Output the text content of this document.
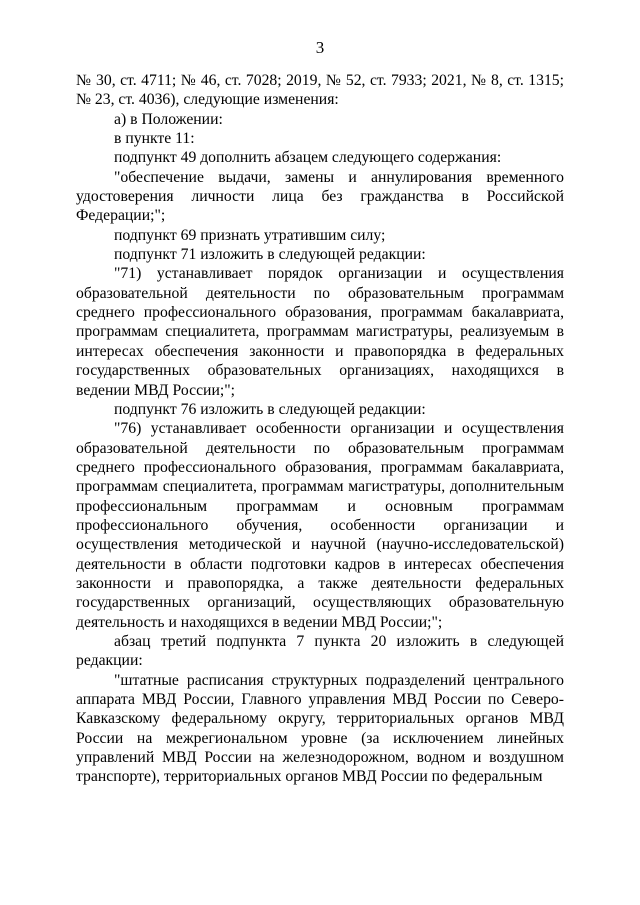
3

№ 30, ст. 4711; № 46, ст. 7028; 2019, № 52, ст. 7933; 2021, № 8, ст. 1315; № 23, ст. 4036), следующие изменения:

а) в Положении:

в пункте 11:

подпункт 49 дополнить абзацем следующего содержания:

"обеспечение выдачи, замены и аннулирования временного удостоверения личности лица без гражданства в Российской Федерации;";

подпункт 69 признать утратившим силу;

подпункт 71 изложить в следующей редакции:

"71) устанавливает порядок организации и осуществления образовательной деятельности по образовательным программам среднего профессионального образования, программам бакалавриата, программам специалитета, программам магистратуры, реализуемым в интересах обеспечения законности и правопорядка в федеральных государственных образовательных организациях, находящихся в ведении МВД России;";

подпункт 76 изложить в следующей редакции:

"76) устанавливает особенности организации и осуществления образовательной деятельности по образовательным программам среднего профессионального образования, программам бакалавриата, программам специалитета, программам магистратуры, дополнительным профессиональным программам и основным программам профессионального обучения, особенности организации и осуществления методической и научной (научно-исследовательской) деятельности в области подготовки кадров в интересах обеспечения законности и правопорядка, а также деятельности федеральных государственных организаций, осуществляющих образовательную деятельность и находящихся в ведении МВД России;";

абзац третий подпункта 7 пункта 20 изложить в следующей редакции:

"штатные расписания структурных подразделений центрального аппарата МВД России, Главного управления МВД России по Северо-Кавказскому федеральному округу, территориальных органов МВД России на межрегиональном уровне (за исключением линейных управлений МВД России на железнодорожном, водном и воздушном транспорте), территориальных органов МВД России по федеральным
